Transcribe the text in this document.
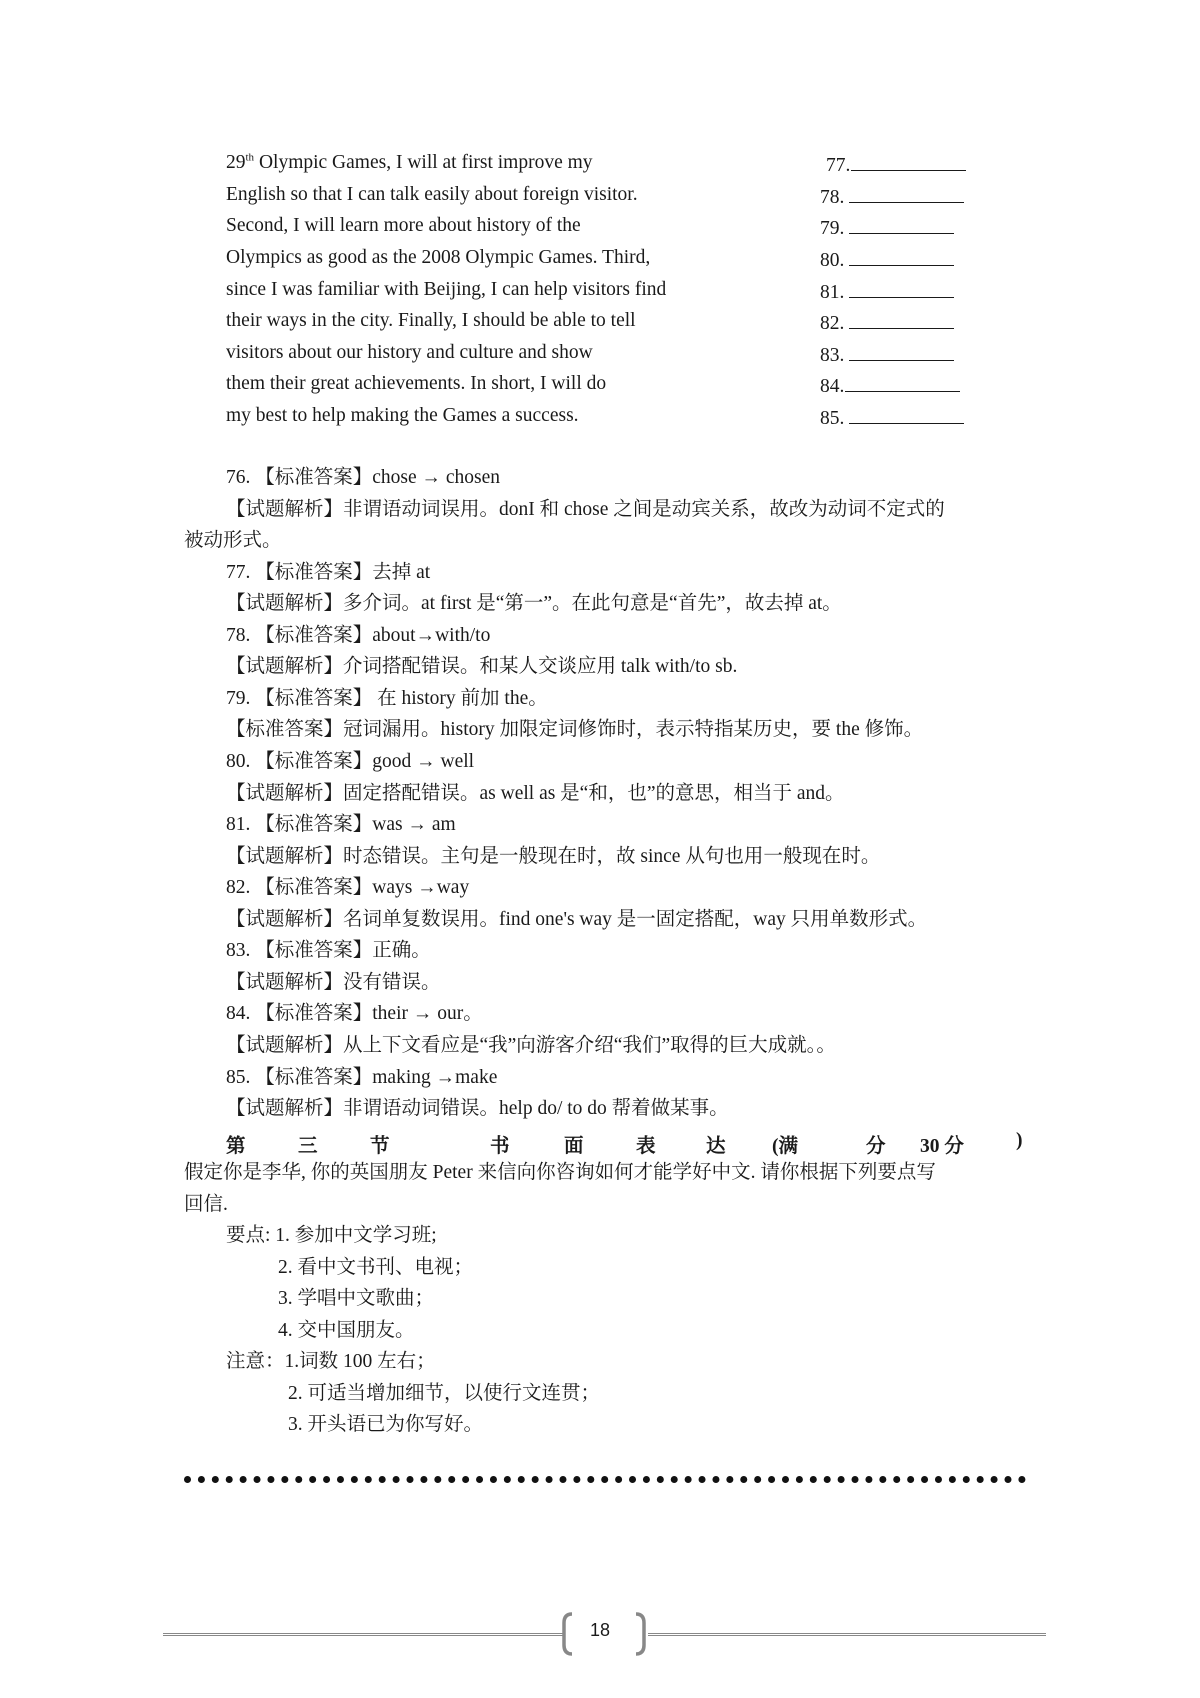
29th Olympic Games, I will at first improve my
English so that I can talk easily about foreign visitor.
Second, I will learn more about history of the
Olympics as good as the 2008 Olympic Games. Third,
since I was familiar with Beijing, I can help visitors find
their ways in the city. Finally, I should be able to tell
visitors about our history and culture and show
them their great achievements. In short, I will do
my best to help making the Games a success.
77.
78.
79.
80.
81.
82.
83.
84.
85.
76. 【标准答案】chose → chosen
【试题解析】非谓语动词误用。donI 和 chose 之间是动宾关系，故改为动词不定式的
被动形式。
77. 【标准答案】去掉 at
【试题解析】多介词。at first 是“第一”。在此句意是“首先”，故去掉 at。
78. 【标准答案】about→with/to
【试题解析】介词搭配错误。和某人交谈应用 talk with/to sb.
79. 【标准答案】 在 history 前加 the。
【标准答案】冠词漏用。history 加限定词修饰时，表示特指某历史，要 the 修饰。
80. 【标准答案】good → well
【试题解析】固定搭配错误。as well as 是“和，也”的意思，相当于 and。
81. 【标准答案】was → am
【试题解析】时态错误。主句是一般现在时，故 since 从句也用一般现在时。
82. 【标准答案】ways →way
【试题解析】名词单复数误用。find one's way 是一固定搭配，way 只用单数形式。
83. 【标准答案】正确。
【试题解析】没有错误。
84. 【标准答案】their → our。
【试题解析】从上下文看应是“我”向游客介绍“我们”取得的巨大成就。。
85. 【标准答案】making →make
【试题解析】非谓语动词错误。help do/ to do 帮着做某事。
第	三	节	书	面	表	达 (满	分 30 分	)
假定你是李华, 你的英国朋友 Peter 来信向你咨询如何才能学好中文. 请你根据下列要点写
回信.
要点: 1. 参加中文学习班;
2. 看中文书刊、电视；
3. 学唱中文歌曲；
4. 交中国朋友。
注意：1.词数 100 左右；
2. 可适当增加细节，以使行文连贯；
3. 开头语已为你写好。
18
